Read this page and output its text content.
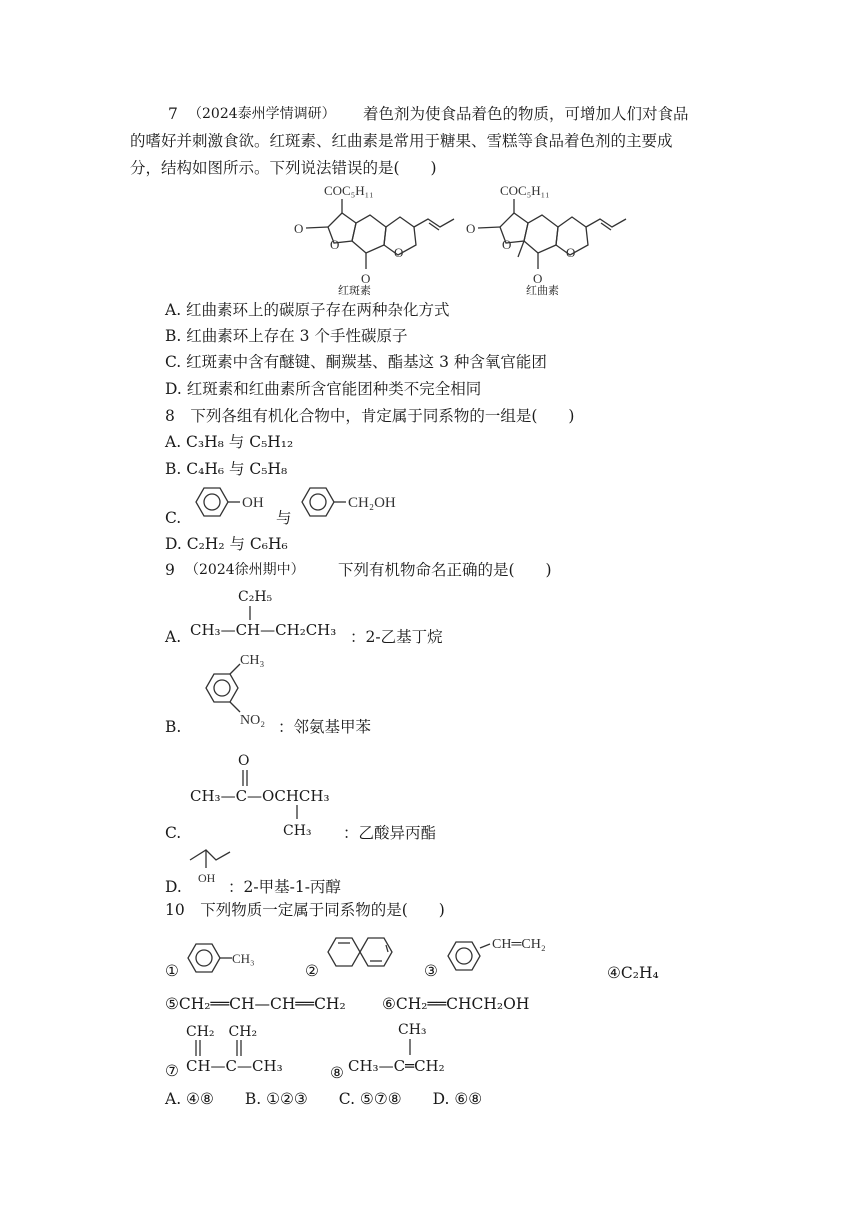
7 （2024泰州学情调研） 着色剂为使食品着色的物质，可增加人们对食品
的嗜好并刺激食欲。红斑素、红曲素是常用于糖果、雪糕等食品着色剂的主要成
分，结构如图所示。下列说法错误的是(　　)
COC₅H₁₁
O
O
O
O
红斑素
COC₅H₁₁
O
O
O
O
红曲素
A. 红曲素环上的碳原子存在两种杂化方式
B. 红曲素环上存在 3 个手性碳原子
C. 红斑素中含有醚键、酮羰基、酯基这 3 种含氧官能团
D. 红斑素和红曲素所含官能团种类不完全相同
8　下列各组有机化合物中，肯定属于同系物的一组是(　　)
A. C₃H₈ 与 C₅H₁₂
B. C₄H₆ 与 C₅H₈
C.
OH
与
CH₂OH
D. C₂H₂ 与 C₆H₆
9 （2024徐州期中） 下列有机物命名正确的是(　　)
A.
C₂H₅
CH₃—CH—CH₂CH₃ ：2-乙基丁烷
B.
CH₃
NO₂ ：邻氨基甲苯
O
CH₃—C—OCHCH₃
CH₃
C.	：乙酸异丙酯
D. OH ：2-甲基-1-丙醇
10　下列物质一定属于同系物的是(　　)
①
CH₃
②	③
CH═CH₂
④C₂H₄
⑤CH₂══CH—CH══CH₂ ⑥CH₂══CHCH₂OH
⑦
CH₂　CH₂
CH—C—CH₃	⑧
CH₃
CH₃—C═CH₂
A. ④⑧　　B. ①②③　　C. ⑤⑦⑧　　D. ⑥⑧
